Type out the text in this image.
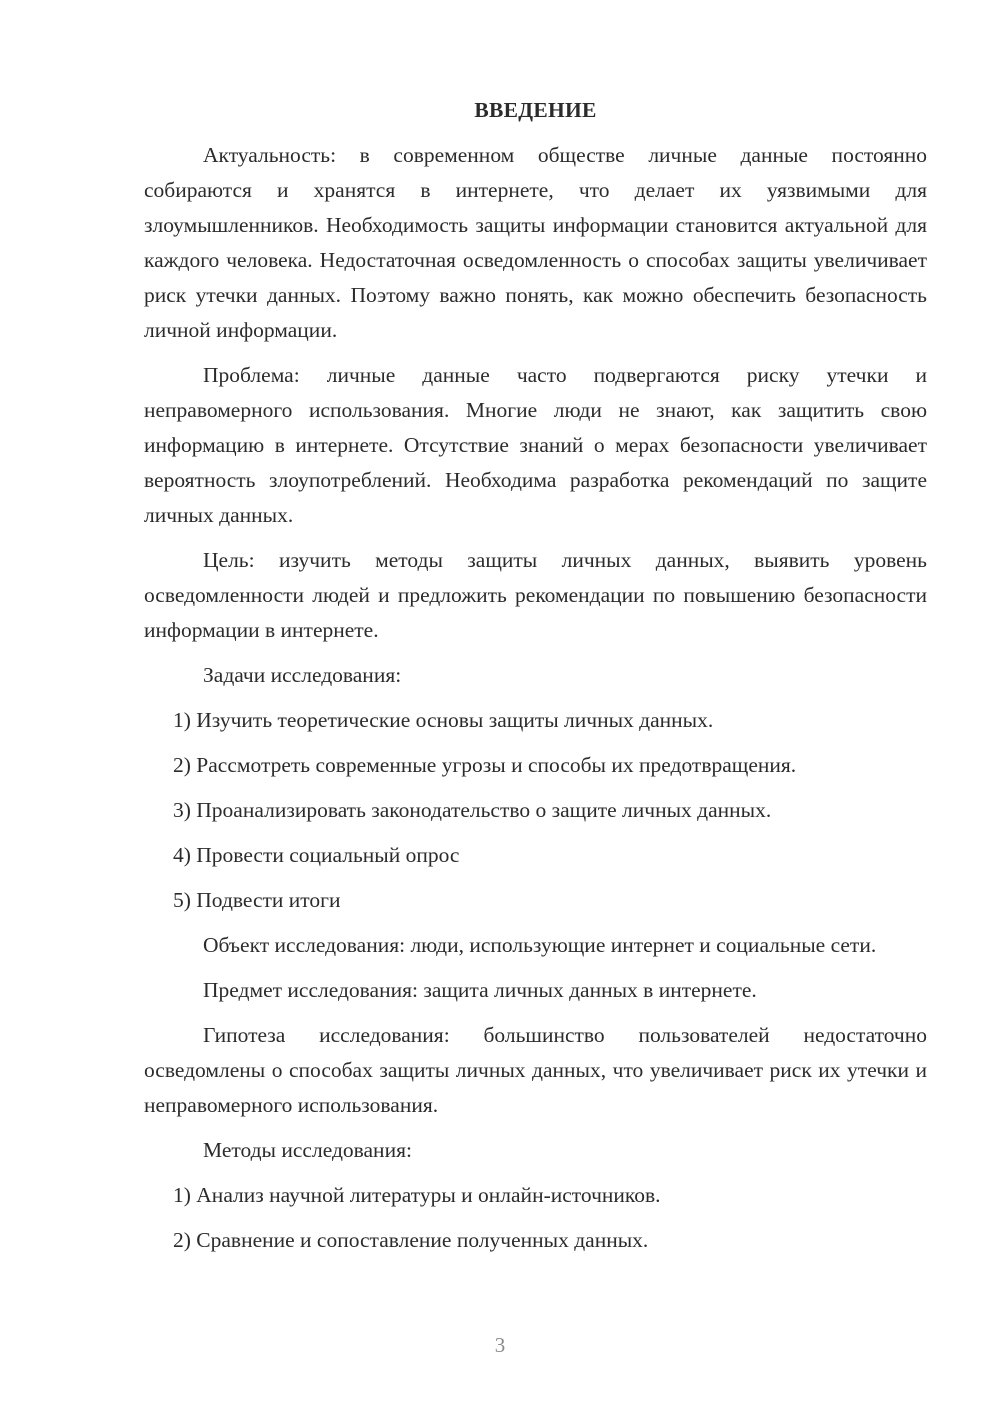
ВВЕДЕНИЕ

Актуальность: в современном обществе личные данные постоянно собираются и хранятся в интернете, что делает их уязвимыми для злоумышленников. Необходимость защиты информации становится актуальной для каждого человека. Недостаточная осведомленность о способах защиты увеличивает риск утечки данных. Поэтому важно понять, как можно обеспечить безопасность личной информации.

Проблема: личные данные часто подвергаются риску утечки и неправомерного использования. Многие люди не знают, как защитить свою информацию в интернете. Отсутствие знаний о мерах безопасности увеличивает вероятность злоупотреблений. Необходима разработка рекомендаций по защите личных данных.

Цель: изучить методы защиты личных данных, выявить уровень осведомленности людей и предложить рекомендации по повышению безопасности информации в интернете.

Задачи исследования:

1) Изучить теоретические основы защиты личных данных.
2) Рассмотреть современные угрозы и способы их предотвращения.
3) Проанализировать законодательство о защите личных данных.
4) Провести социальный опрос
5) Подвести итоги

Объект исследования: люди, использующие интернет и социальные сети.

Предмет исследования: защита личных данных в интернете.

Гипотеза исследования: большинство пользователей недостаточно осведомлены о способах защиты личных данных, что увеличивает риск их утечки и неправомерного использования.

Методы исследования:

1) Анализ научной литературы и онлайн-источников.
2) Сравнение и сопоставление полученных данных.
3
